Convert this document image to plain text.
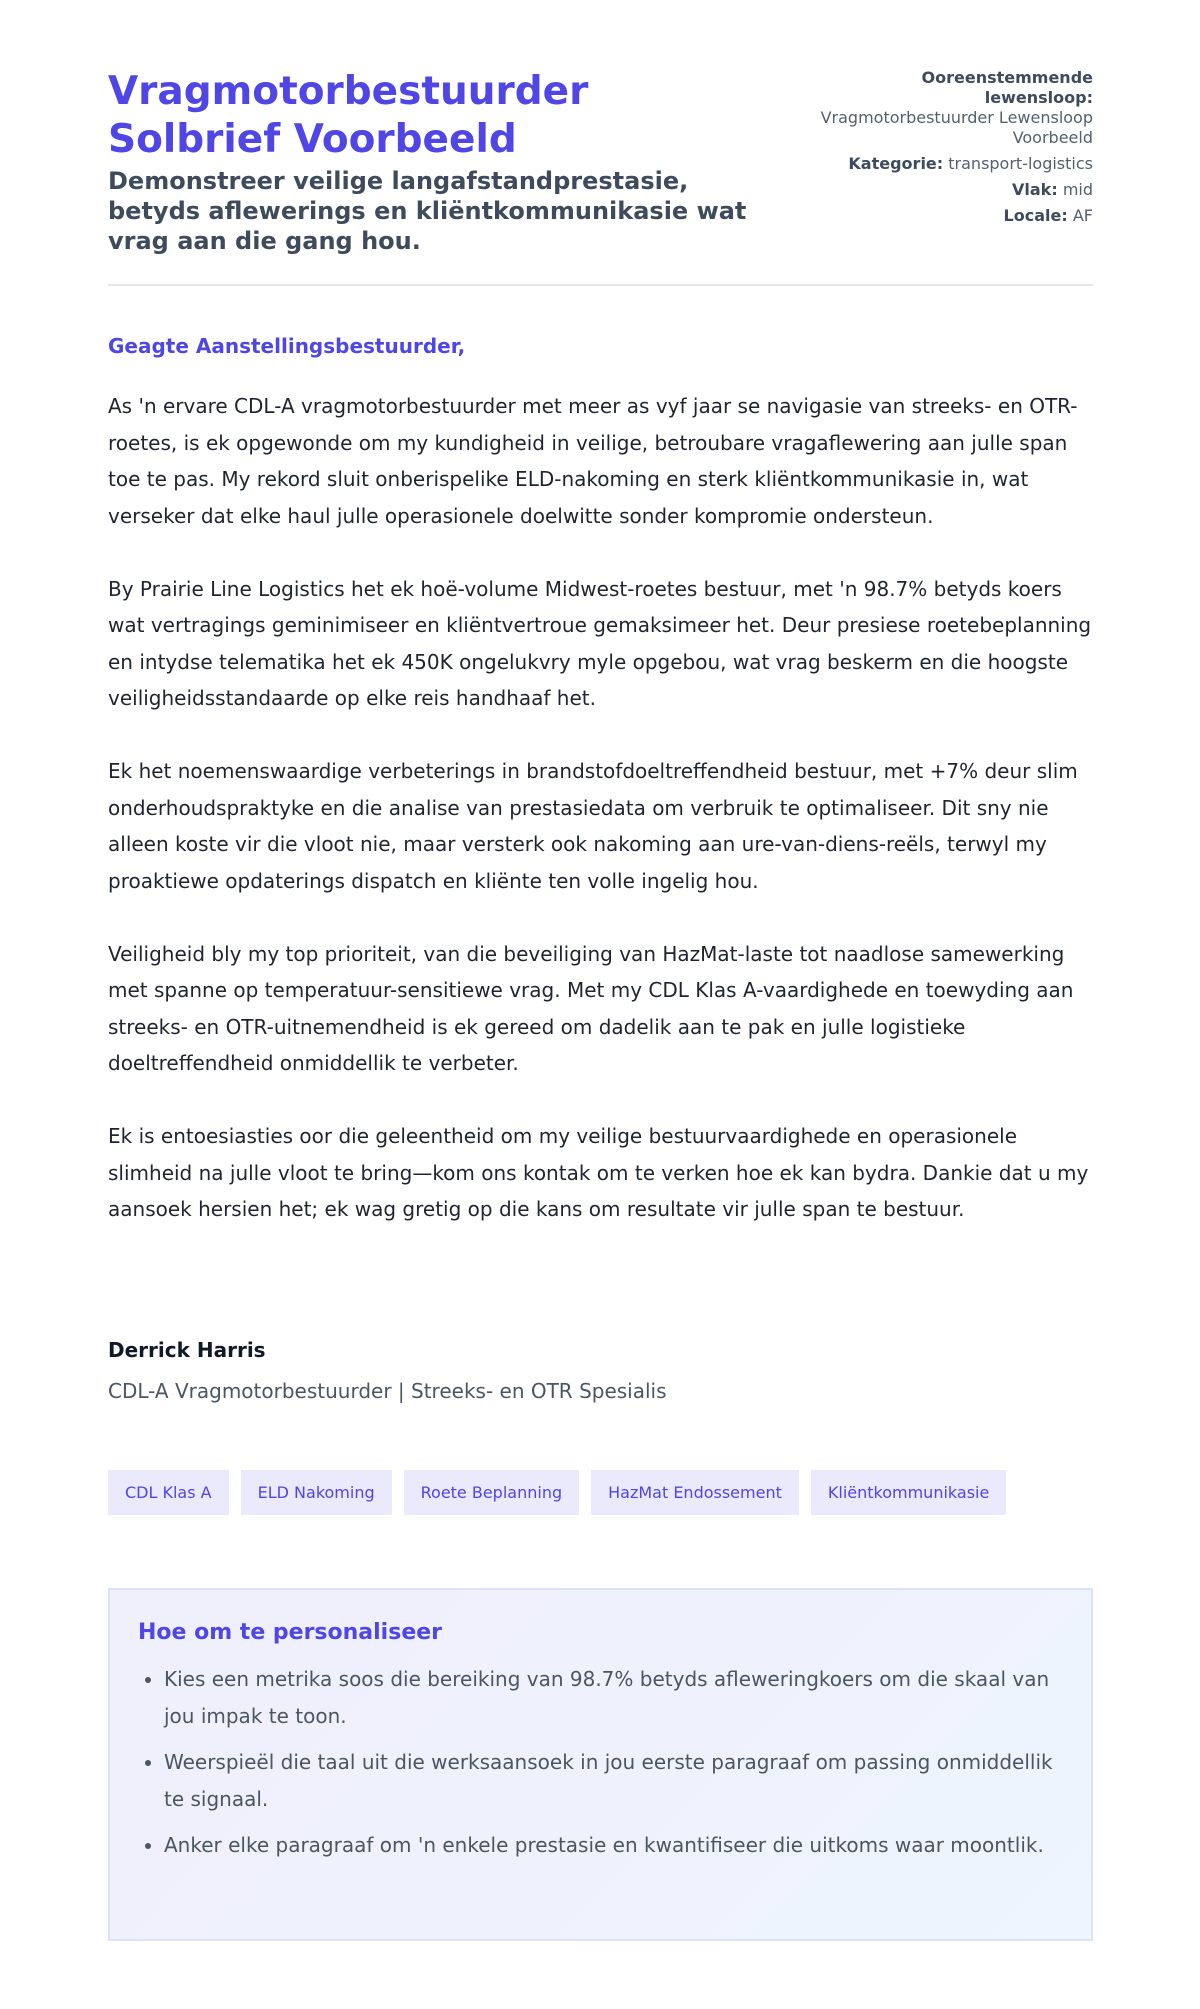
Vragmotorbestuurder Solbrief Voorbeeld
Demonstreer veilige langafstandprestasie, betyds aflewerings en kliëntkommunikasie wat vrag aan die gang hou.
Ooreenstemmende lewensloop:
Vragmotorbestuurder Lewensloop Voorbeeld
Kategorie: transport-logistics
Vlak: mid
Locale: AF
Geagte Aanstellingsbestuurder,

As 'n ervare CDL-A vragmotorbestuurder met meer as vyf jaar se navigasie van streeks- en OTR-roetes, is ek opgewonde om my kundigheid in veilige, betroubare vragaflewering aan julle span toe te pas. My rekord sluit onberispelike ELD-nakoming en sterk kliëntkommunikasie in, wat verseker dat elke haul julle operasionele doelwitte sonder kompromie ondersteun.

By Prairie Line Logistics het ek hoë-volume Midwest-roetes bestuur, met 'n 98.7% betyds koers wat vertragings geminimiseer en kliëntvertroue gemaksimeer het. Deur presiese roetebeplanning en intydse telematika het ek 450K ongelukvry myle opgebou, wat vrag beskerm en die hoogste veiligheidsstandaarde op elke reis handhaaf het.

Ek het noemenswaardige verbeterings in brandstofdoeltreffendheid bestuur, met +7% deur slim onderhoudspraktyke en die analise van prestasiedata om verbruik te optimaliseer. Dit sny nie alleen koste vir die vloot nie, maar versterk ook nakoming aan ure-van-diens-reëls, terwyl my proaktiewe opdaterings dispatch en kliënte ten volle ingelig hou.

Veiligheid bly my top prioriteit, van die beveiliging van HazMat-laste tot naadlose samewerking met spanne op temperatuur-sensitiewe vrag. Met my CDL Klas A-vaardighede en toewyding aan streeks- en OTR-uitnemendheid is ek gereed om dadelik aan te pak en julle logistieke doeltreffendheid onmiddellik te verbeter.

Ek is entoesiasties oor die geleentheid om my veilige bestuurvaardighede en operasionele slimheid na julle vloot te bring—kom ons kontak om te verken hoe ek kan bydra. Dankie dat u my aansoek hersien het; ek wag gretig op die kans om resultate vir julle span te bestuur.

Derrick Harris
CDL-A Vragmotorbestuurder | Streeks- en OTR Spesialis
CDL Klas A	ELD Nakoming	Roete Beplanning	HazMat Endossement	Kliëntkommunikasie
Hoe om te personaliseer
• Kies een metrika soos die bereiking van 98.7% betyds afleweringkoers om die skaal van jou impak te toon.
• Weerspieël die taal uit die werksaansoek in jou eerste paragraaf om passing onmiddellik te signaal.
• Anker elke paragraaf om 'n enkele prestasie en kwantifiseer die uitkoms waar moontlik.
